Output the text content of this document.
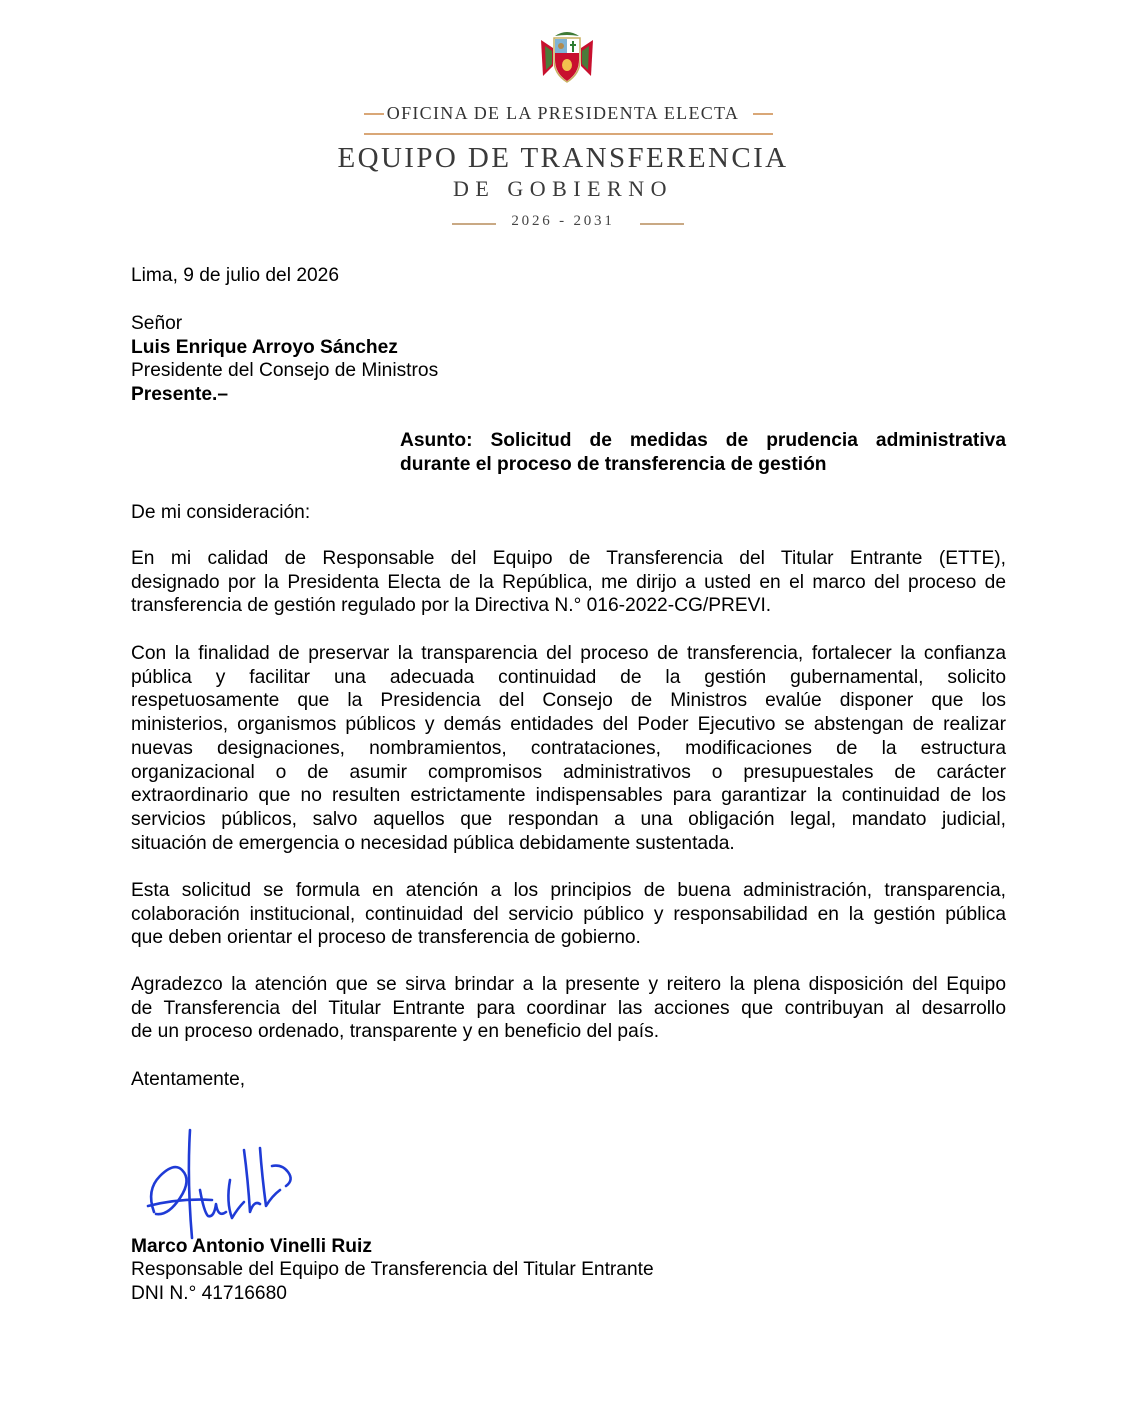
OFICINA DE LA PRESIDENTA ELECTA
EQUIPO DE TRANSFERENCIA
DE GOBIERNO
2026 - 2031
Lima, 9 de julio del 2026
Señor
Luis Enrique Arroyo Sánchez
Presidente del Consejo de Ministros
Presente.–
Asunto: Solicitud de medidas de prudencia administrativa
durante el proceso de transferencia de gestión
De mi consideración:
En mi calidad de Responsable del Equipo de Transferencia del Titular Entrante (ETTE),
designado por la Presidenta Electa de la República, me dirijo a usted en el marco del proceso de
transferencia de gestión regulado por la Directiva N.° 016-2022-CG/PREVI.
Con la finalidad de preservar la transparencia del proceso de transferencia, fortalecer la confianza
pública y facilitar una adecuada continuidad de la gestión gubernamental, solicito
respetuosamente que la Presidencia del Consejo de Ministros evalúe disponer que los
ministerios, organismos públicos y demás entidades del Poder Ejecutivo se abstengan de realizar
nuevas designaciones, nombramientos, contrataciones, modificaciones de la estructura
organizacional o de asumir compromisos administrativos o presupuestales de carácter
extraordinario que no resulten estrictamente indispensables para garantizar la continuidad de los
servicios públicos, salvo aquellos que respondan a una obligación legal, mandato judicial,
situación de emergencia o necesidad pública debidamente sustentada.
Esta solicitud se formula en atención a los principios de buena administración, transparencia,
colaboración institucional, continuidad del servicio público y responsabilidad en la gestión pública
que deben orientar el proceso de transferencia de gobierno.
Agradezco la atención que se sirva brindar a la presente y reitero la plena disposición del Equipo
de Transferencia del Titular Entrante para coordinar las acciones que contribuyan al desarrollo
de un proceso ordenado, transparente y en beneficio del país.
Atentamente,
Marco Antonio Vinelli Ruiz
Responsable del Equipo de Transferencia del Titular Entrante
DNI N.° 41716680
